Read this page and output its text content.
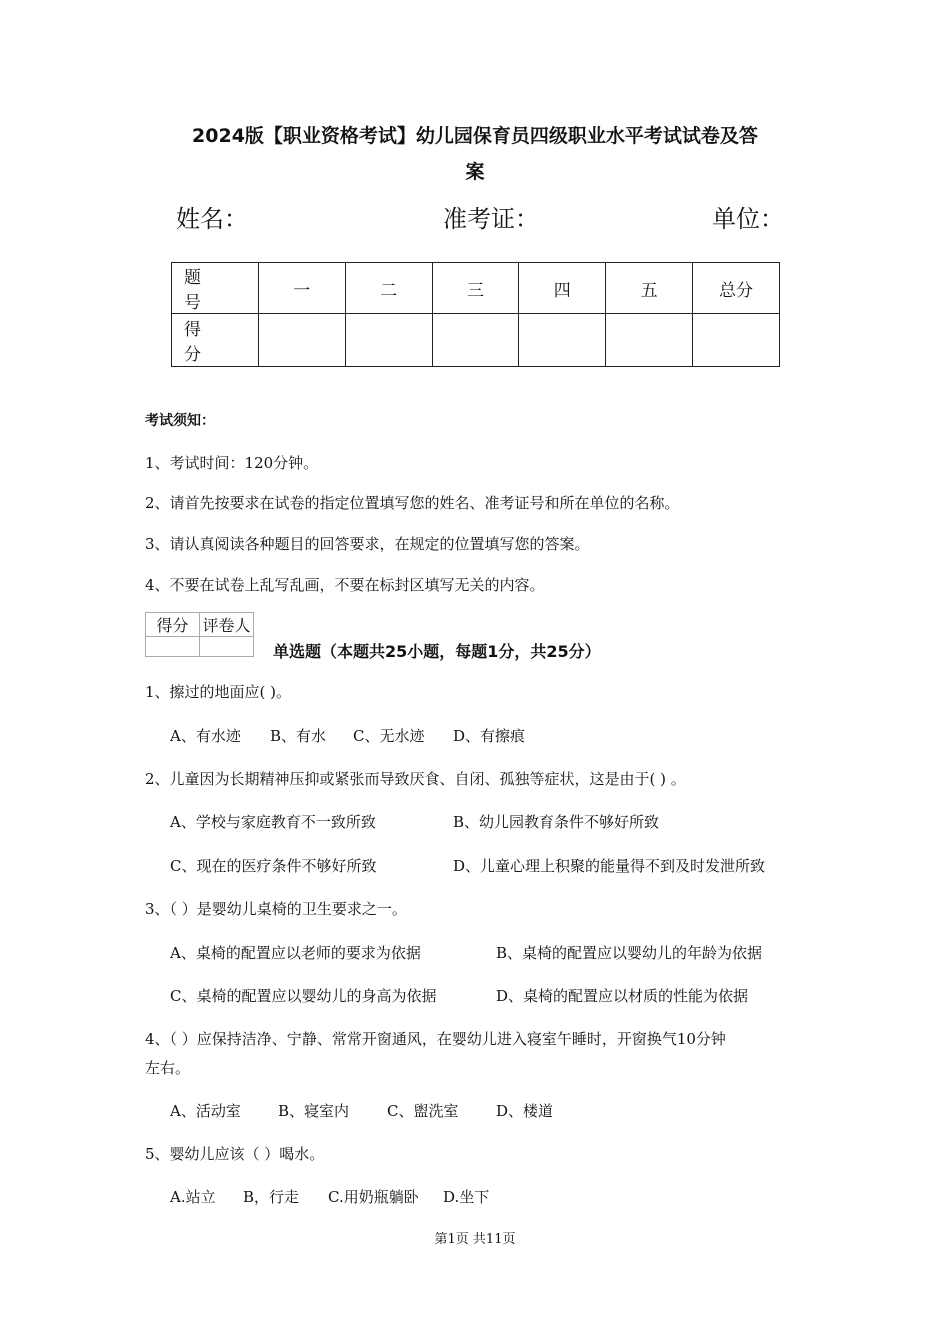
2024版【职业资格考试】幼儿园保育员四级职业水平考试试卷及答
案
姓名：	准考证：	单位：
题 号	一	二	三	四	五	总分
得 分						
考试须知：
1、考试时间：120分钟。
2、请首先按要求在试卷的指定位置填写您的姓名、准考证号和所在单位的名称。
3、请认真阅读各种题目的回答要求，在规定的位置填写您的答案。
4、不要在试卷上乱写乱画，不要在标封区填写无关的内容。
得分	评卷人

单选题（本题共25小题，每题1分，共25分）
1、擦过的地面应( )。
A、有水迹 B、有水 C、无水迹 D、有擦痕
2、儿童因为长期精神压抑或紧张而导致厌食、自闭、孤独等症状，这是由于( ) 。
A、学校与家庭教育不一致所致	B、幼儿园教育条件不够好所致
C、现在的医疗条件不够好所致	D、儿童心理上积聚的能量得不到及时发泄所致
3、（ ）是婴幼儿桌椅的卫生要求之一。
A、桌椅的配置应以老师的要求为依据	B、桌椅的配置应以婴幼儿的年龄为依据
C、桌椅的配置应以婴幼儿的身高为依据	D、桌椅的配置应以材质的性能为依据
4、（ ）应保持洁净、宁静、常常开窗通风，在婴幼儿进入寝室午睡时，开窗换气10分钟
左右。
A、活动室 B、寝室内	C、盥洗室	D、楼道
5、婴幼儿应该（ ）喝水。
A.站立 B，行走 C.用奶瓶躺卧 D.坐下
第1页 共11页
